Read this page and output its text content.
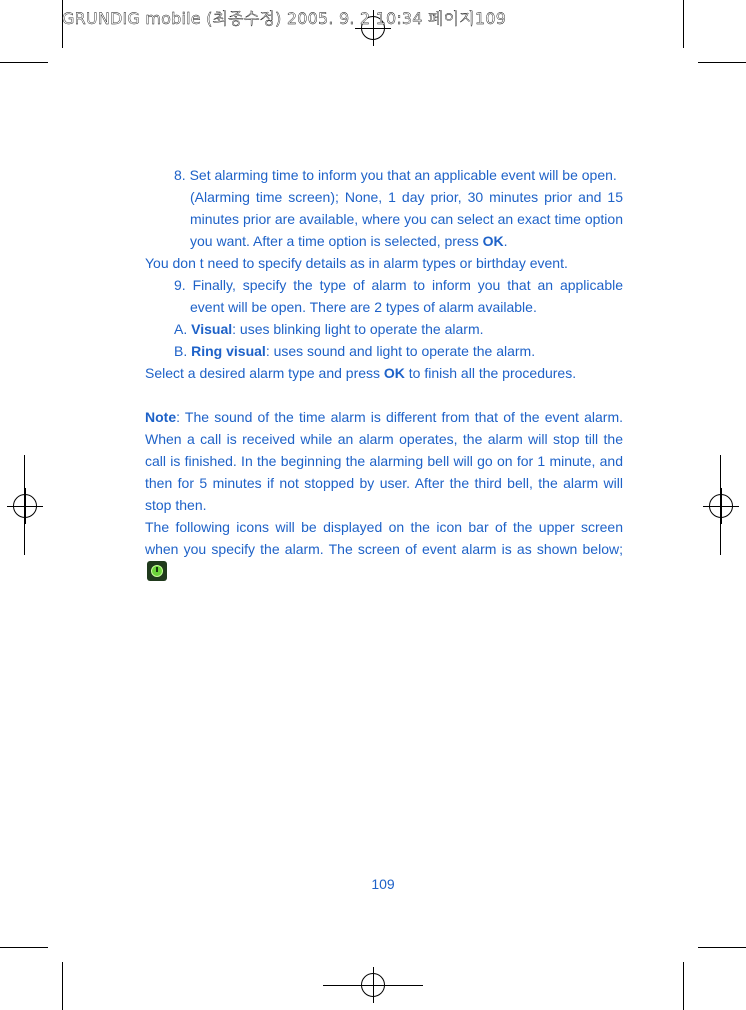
GRUNDIG mobile (최종수정) 2005. 9. 2 10:34 페이지109

8. Set alarming time to inform you that an applicable event will be open.

(Alarming time screen); None, 1 day prior, 30 minutes prior and 15 minutes prior are available, where you can select an exact time option you want. After a time option is selected, press OK.

You don t need to specify details as in alarm types or birthday event.

9. Finally, specify the type of alarm to inform you that an applicable event will be open. There are 2 types of alarm available.

A. Visual: uses blinking light to operate the alarm.

B. Ring visual: uses sound and light to operate the alarm.

Select a desired alarm type and press OK to finish all the procedures.

Note: The sound of the time alarm is different from that of the event alarm. When a call is received while an alarm operates, the alarm will stop till the call is finished. In the beginning the alarming bell will go on for 1 minute, and then for 5 minutes if not stopped by user. After the third bell, the alarm will stop then.

The following icons will be displayed on the icon bar of the upper screen when you specify the alarm. The screen of event alarm is as shown below;

109
